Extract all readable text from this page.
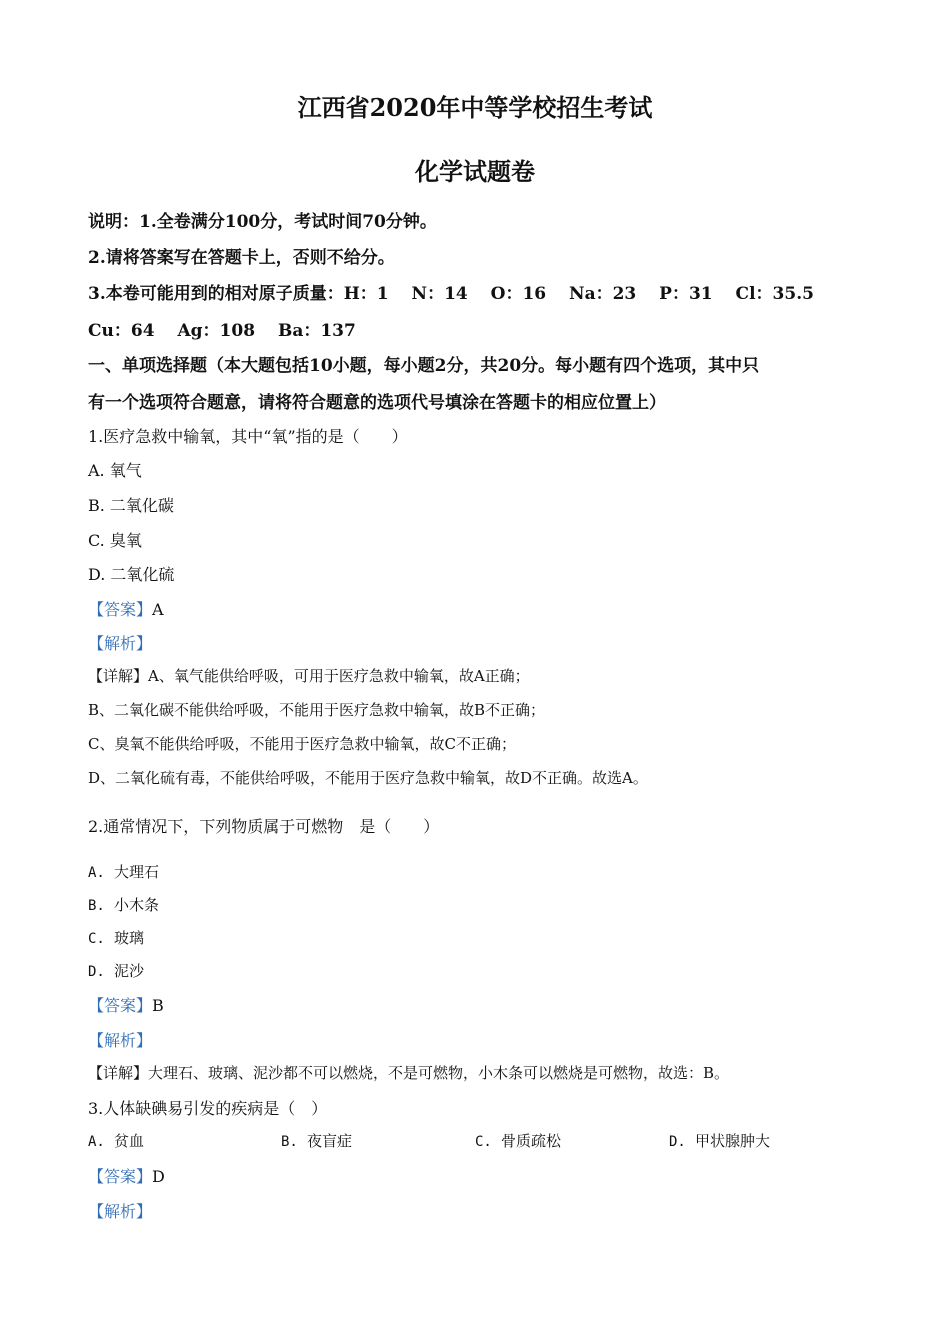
江西省2020年中等学校招生考试
化学试题卷
说明：1.全卷满分100分，考试时间70分钟。
2.请将答案写在答题卡上，否则不给分。
3.本卷可能用到的相对原子质量：H：1　 N：14　 O：16　 Na：23　 P：31　 Cl：35.5
Cu：64　 Ag：108　 Ba：137
一、单项选择题（本大题包括10小题，每小题2分，共20分。每小题有四个选项，其中只
有一个选项符合题意，请将符合题意的选项代号填涂在答题卡的相应位置上）
1.医疗急救中输氧，其中“氧”指的是（　　）
A. 氧气
B. 二氧化碳
C. 臭氧
D. 二氧化硫
【答案】A
【解析】
【详解】A、氧气能供给呼吸，可用于医疗急救中输氧，故A正确；
B、二氧化碳不能供给呼吸，不能用于医疗急救中输氧，故B不正确；
C、臭氧不能供给呼吸，不能用于医疗急救中输氧，故C不正确；
D、二氧化硫有毒，不能供给呼吸，不能用于医疗急救中输氧，故D不正确。故选A。
2.通常情况下，下列物质属于可燃物　是（　　）
A. 大理石
B. 小木条
C. 玻璃
D. 泥沙
【答案】B
【解析】
【详解】大理石、玻璃、泥沙都不可以燃烧，不是可燃物，小木条可以燃烧是可燃物，故选：B。
3.人体缺碘易引发的疾病是（　）
A. 贫血	B. 夜盲症	C. 骨质疏松	D. 甲状腺肿大
【答案】D
【解析】
